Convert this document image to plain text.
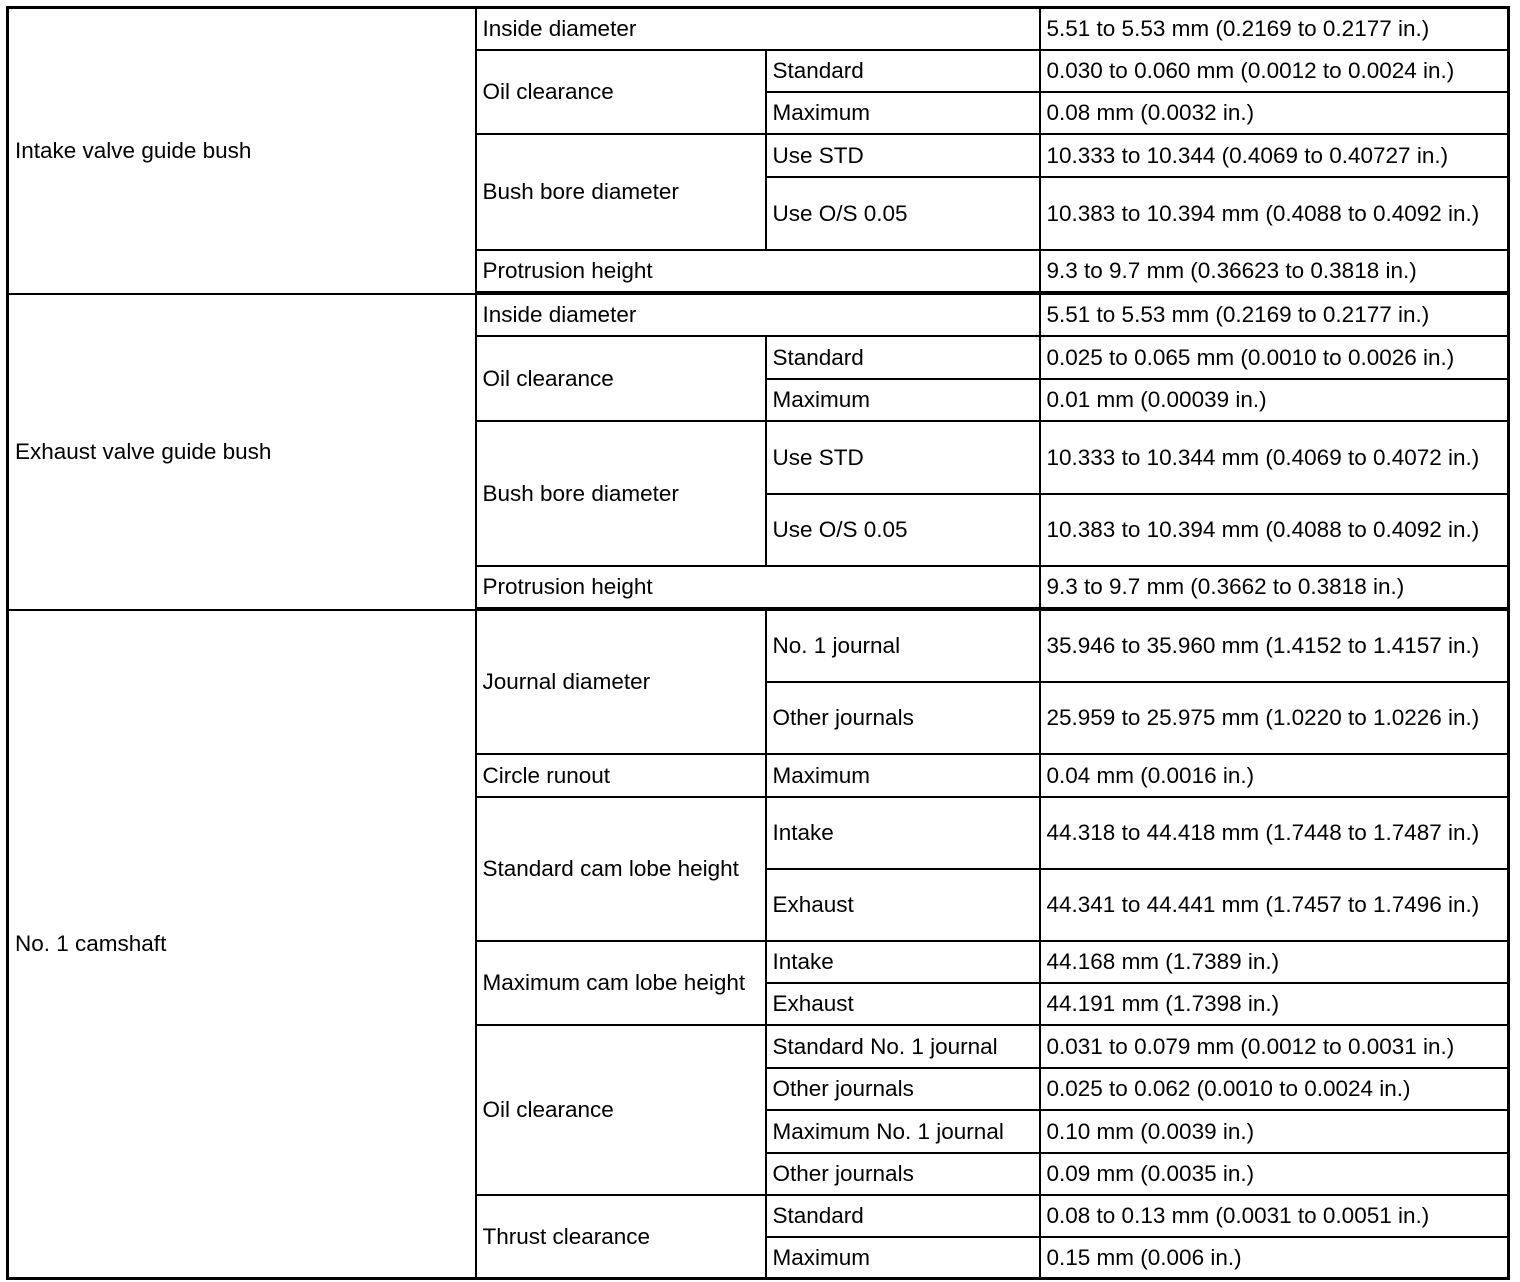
Intake valve guide bush	Inside diameter		5.51 to 5.53 mm (0.2169 to 0.2177 in.)
	Oil clearance	Standard	0.030 to 0.060 mm (0.0012 to 0.0024 in.)
		Maximum	0.08 mm (0.0032 in.)
	Bush bore diameter	Use STD	10.333 to 10.344 (0.4069 to 0.40727 in.)
		Use O/S 0.05	10.383 to 10.394 mm (0.4088 to 0.4092 in.)
	Protrusion height		9.3 to 9.7 mm (0.36623 to 0.3818 in.)

Exhaust valve guide bush	Inside diameter		5.51 to 5.53 mm (0.2169 to 0.2177 in.)
	Oil clearance	Standard	0.025 to 0.065 mm (0.0010 to 0.0026 in.)
		Maximum	0.01 mm (0.00039 in.)
	Bush bore diameter	Use STD	10.333 to 10.344 mm (0.4069 to 0.4072 in.)
		Use O/S 0.05	10.383 to 10.394 mm (0.4088 to 0.4092 in.)
	Protrusion height		9.3 to 9.7 mm (0.3662 to 0.3818 in.)

No. 1 camshaft	Journal diameter	No. 1 journal	35.946 to 35.960 mm (1.4152 to 1.4157 in.)
		Other journals	25.959 to 25.975 mm (1.0220 to 1.0226 in.)
	Circle runout	Maximum	0.04 mm (0.0016 in.)
	Standard cam lobe height	Intake	44.318 to 44.418 mm (1.7448 to 1.7487 in.)
		Exhaust	44.341 to 44.441 mm (1.7457 to 1.7496 in.)
	Maximum cam lobe height	Intake	44.168 mm (1.7389 in.)
		Exhaust	44.191 mm (1.7398 in.)
	Oil clearance	Standard No. 1 journal	0.031 to 0.079 mm (0.0012 to 0.0031 in.)
		Other journals	0.025 to 0.062 (0.0010 to 0.0024 in.)
		Maximum No. 1 journal	0.10 mm (0.0039 in.)
		Other journals	0.09 mm (0.0035 in.)
	Thrust clearance	Standard	0.08 to 0.13 mm (0.0031 to 0.0051 in.)
		Maximum	0.15 mm (0.006 in.)
